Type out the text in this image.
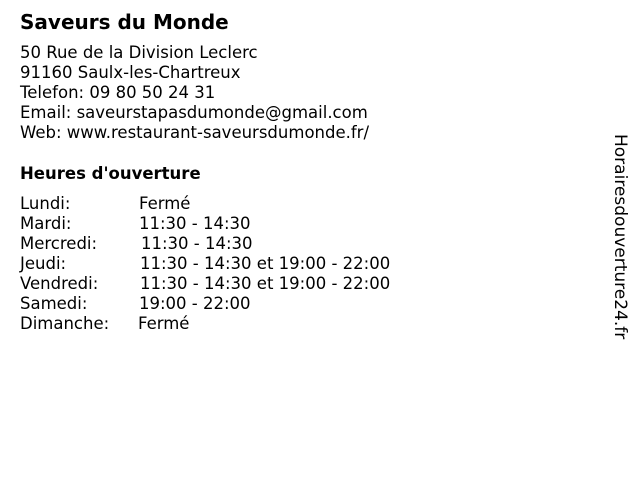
Saveurs du Monde
50 Rue de la Division Leclerc
91160 Saulx-les-Chartreux
Telefon: 09 80 50 24 31
Email: saveurstapasdumonde@gmail.com
Web: www.restaurant-saveursdumonde.fr/
Heures d'ouverture
Lundi:	Fermé
Mardi:	11:30 - 14:30
Mercredi:	11:30 - 14:30
Jeudi:	11:30 - 14:30 et 19:00 - 22:00
Vendredi:	11:30 - 14:30 et 19:00 - 22:00
Samedi:	19:00 - 22:00
Dimanche: Fermé	Horairesdouverture24.fr
